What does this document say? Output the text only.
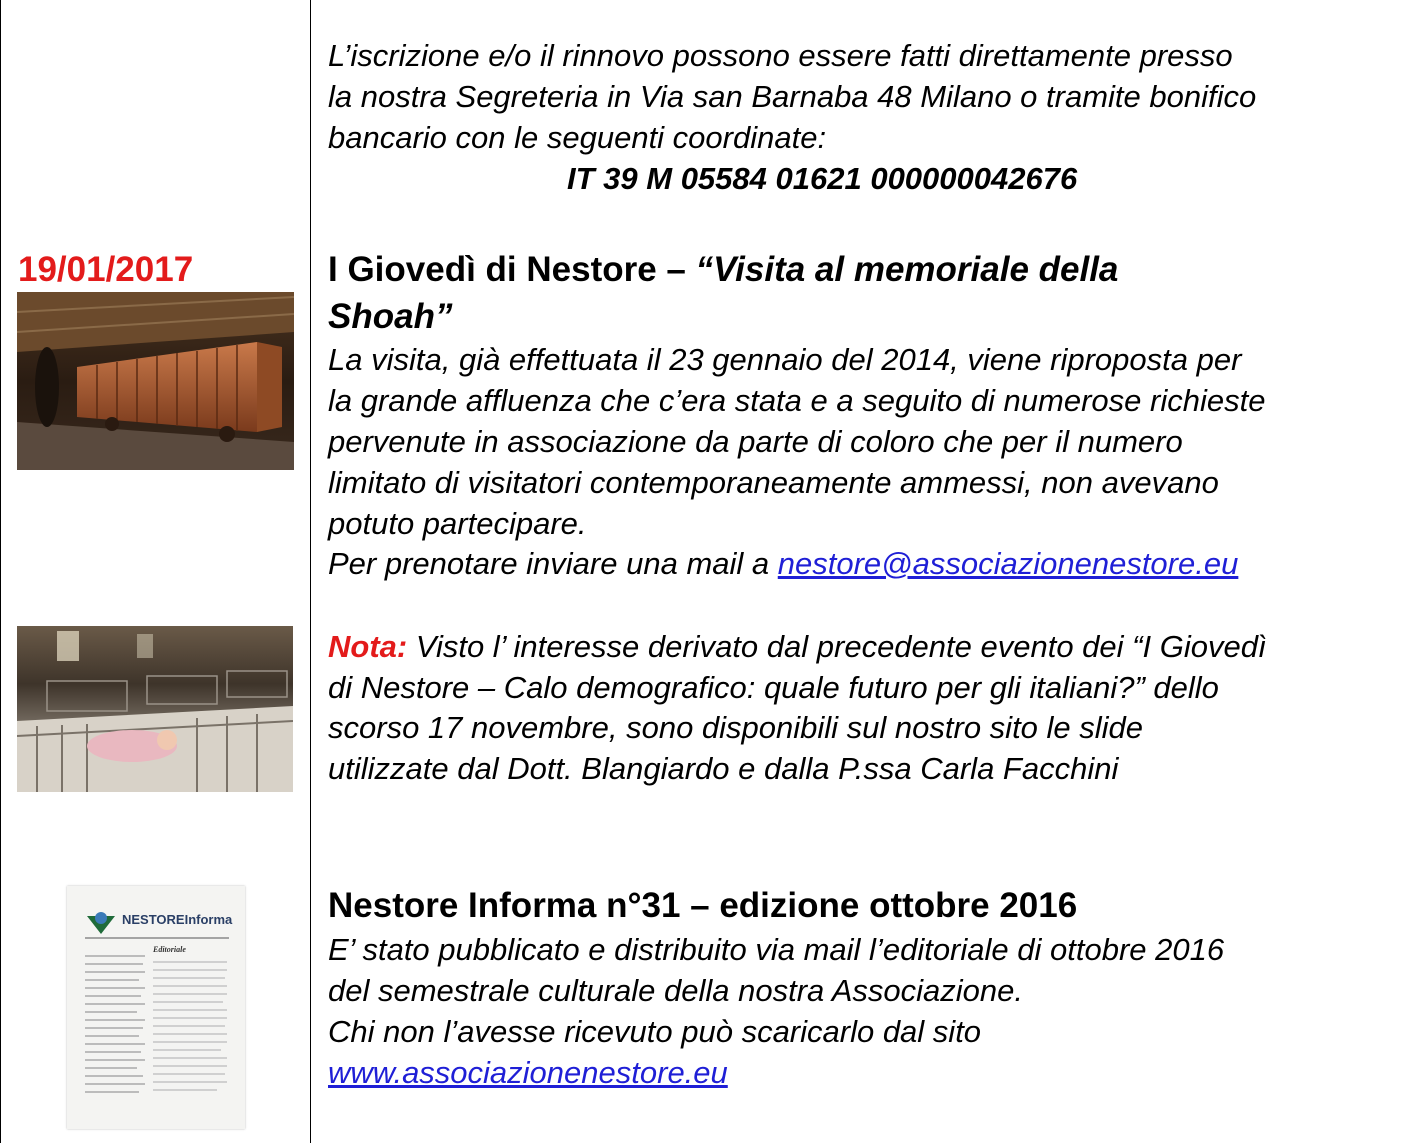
L’iscrizione e/o il rinnovo possono essere fatti direttamente presso
la nostra Segreteria in Via san Barnaba 48 Milano o tramite bonifico
bancario con le seguenti coordinate:
IT 39 M 05584 01621 000000042676
19/01/2017	I Giovedì di Nestore – “Visita al memoriale della
Shoah”
La visita, già effettuata il 23 gennaio del 2014, viene riproposta per
la grande affluenza che c’era stata e a seguito di numerose richieste
pervenute in associazione da parte di coloro che per il numero
limitato di visitatori contemporaneamente ammessi, non avevano
potuto partecipare.
Per prenotare inviare una mail a nestore@associazionenestore.eu
Nota: Visto l’ interesse derivato dal precedente evento dei “I Giovedì
di Nestore – Calo demografico: quale futuro per gli italiani?” dello
scorso 17 novembre, sono disponibili sul nostro sito le slide
utilizzate dal Dott. Blangiardo e dalla P.ssa Carla Facchini
NESTOREInforma
Editoriale
Nestore Informa n°31 – edizione ottobre 2016
E’ stato pubblicato e distribuito via mail l’editoriale di ottobre 2016
del semestrale culturale della nostra Associazione.
Chi non l’avesse ricevuto può scaricarlo dal sito
www.associazionenestore.eu
